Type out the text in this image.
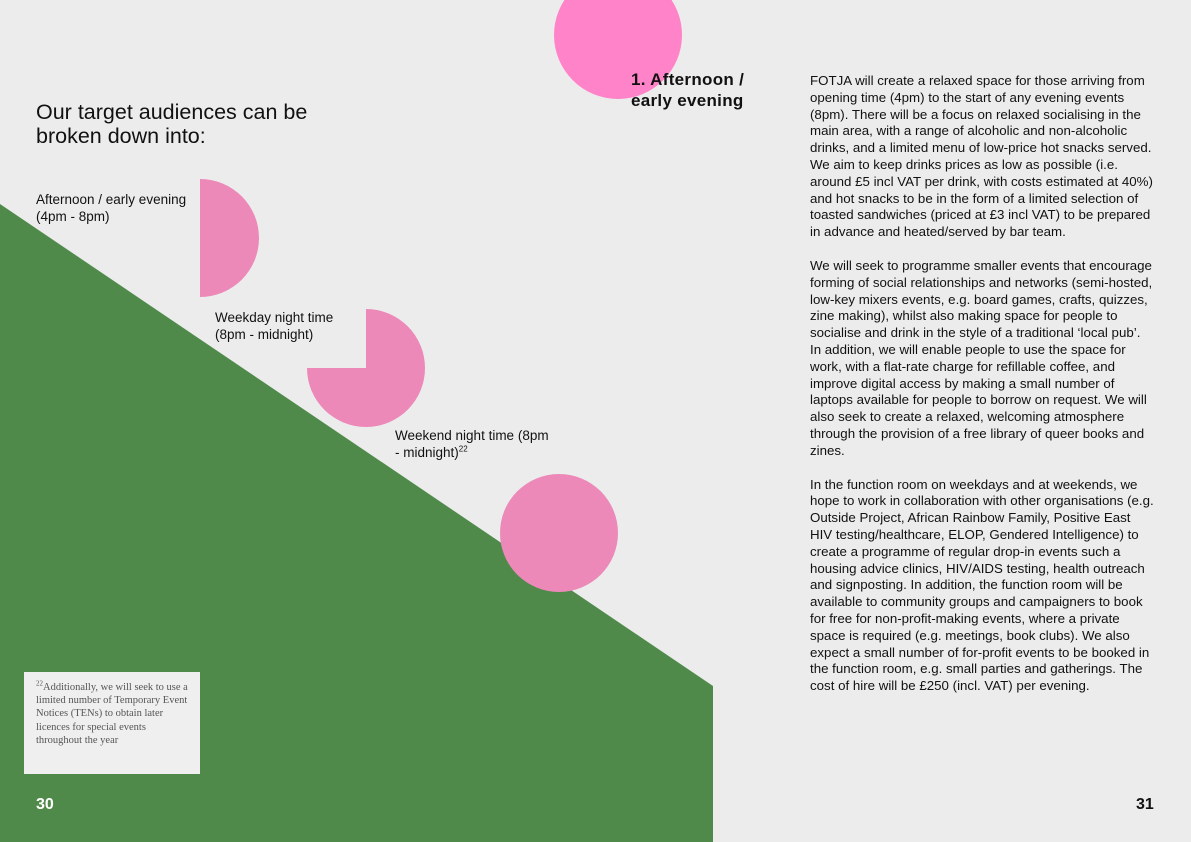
Our target audiences can be broken down into:
Afternoon / early evening (4pm - 8pm)
Weekday night time (8pm - midnight)
Weekend night time (8pm - midnight)$^{22}$
$^{22}$Additionally, we will seek to use a limited number of Temporary Event Notices (TENs) to obtain later licences for special events throughout the year
30
1. Afternoon / early evening

FOTJA will create a relaxed space for those arriving from opening time (4pm) to the start of any evening events (8pm). There will be a focus on relaxed socialising in the main area, with a range of alcoholic and non-alcoholic drinks, and a limited menu of low-price hot snacks served. We aim to keep drinks prices as low as possible (i.e. around £5 incl VAT per drink, with costs estimated at 40%) and hot snacks to be in the form of a limited selection of toasted sandwiches (priced at £3 incl VAT) to be prepared in advance and heated/served by bar team.

We will seek to programme smaller events that encourage forming of social relationships and networks (semi-hosted, low-key mixers events, e.g. board games, crafts, quizzes, zine making), whilst also making space for people to socialise and drink in the style of a traditional ‘local pub’. In addition, we will enable people to use the space for work, with a flat-rate charge for refillable coffee, and improve digital access by making a small number of laptops available for people to borrow on request. We will also seek to create a relaxed, welcoming atmosphere through the provision of a free library of queer books and zines.

In the function room on weekdays and at weekends, we hope to work in collaboration with other organisations (e.g. Outside Project, African Rainbow Family, Positive East HIV testing/healthcare, ELOP, Gendered Intelligence) to create a programme of regular drop-in events such a housing advice clinics, HIV/AIDS testing, health outreach and signposting. In addition, the function room will be available to community groups and campaigners to book for free for non-profit-making events, where a private space is required (e.g. meetings, book clubs). We also expect a small number of for-profit events to be booked in the function room, e.g. small parties and gatherings. The cost of hire will be £250 (incl. VAT) per evening.

31
